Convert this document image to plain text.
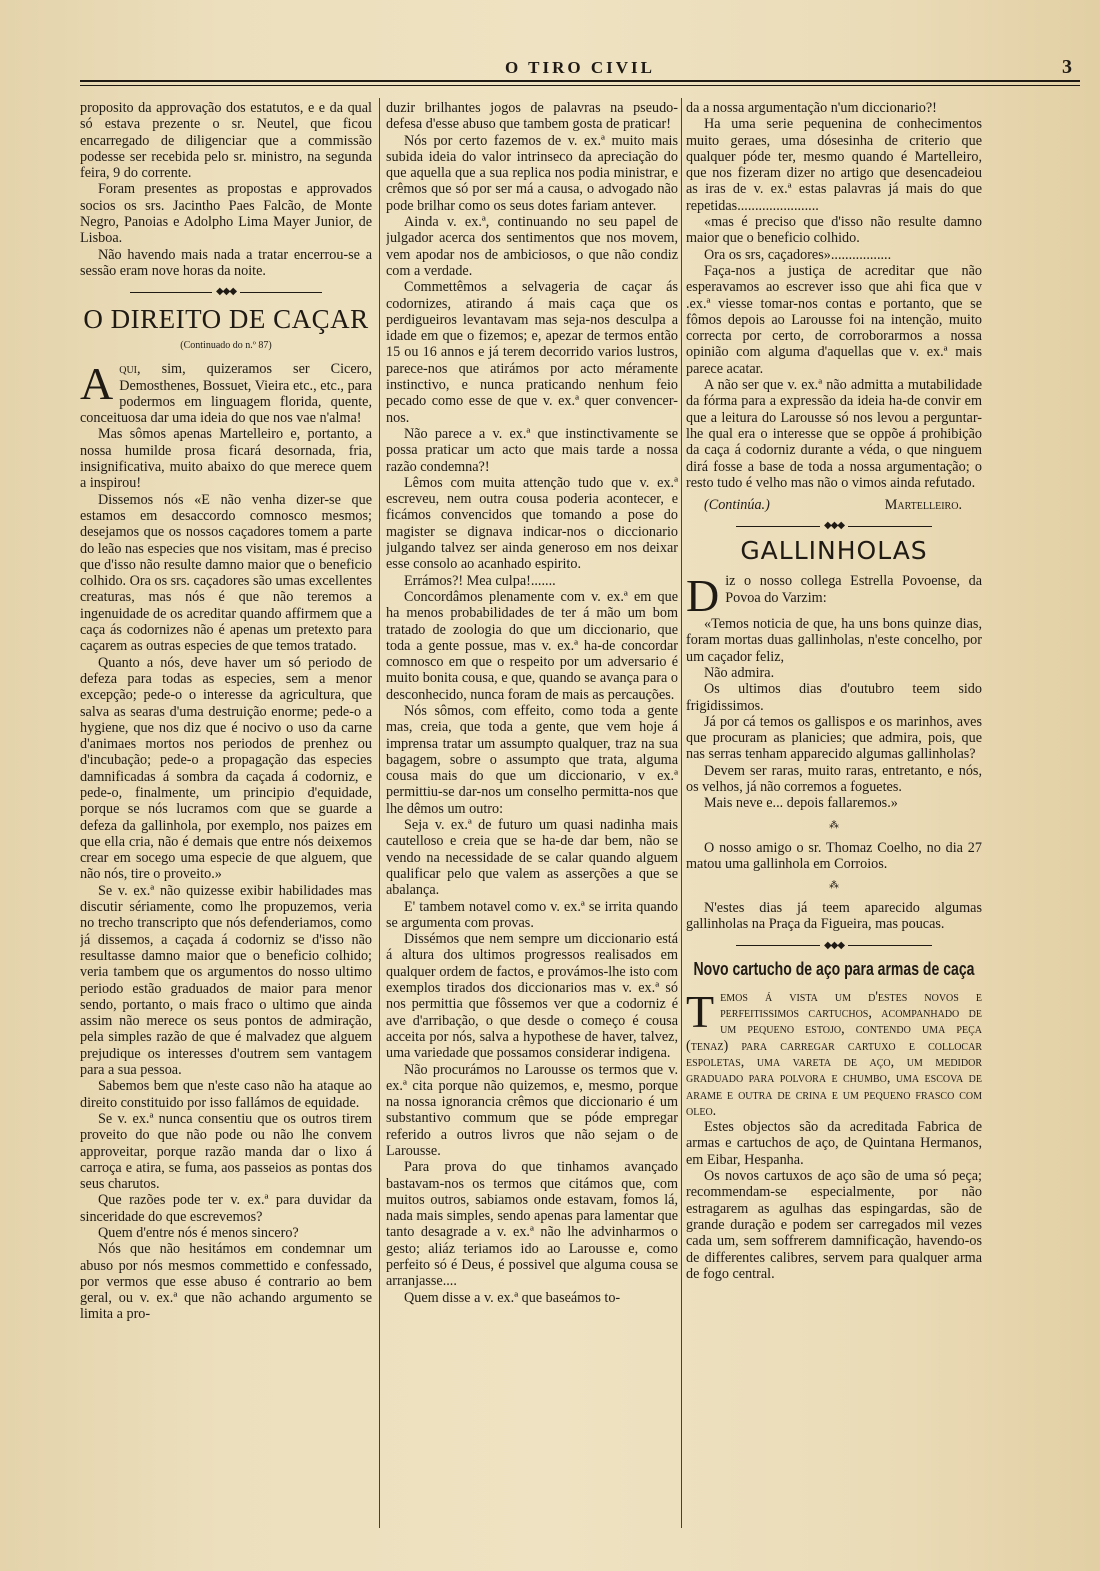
O TIRO CIVIL	3

proposito da approvação dos estatutos, e e da qual só estava prezente o sr. Neutel, que ficou encarregado de diligenciar que a commissão podesse ser recebida pelo sr. ministro, na segunda feira, 9 do corrente.

Foram presentes as propostas e approvados socios os srs. Jacintho Paes Falcão, de Monte Negro, Panoias e Adolpho Lima Mayer Junior, de Lisboa.

Não havendo mais nada a tratar encerrou-se a sessão eram nove horas da noite.

◆◆◆
O DIREITO DE CAÇAR
(Continuado do n.º 87)

Aqui, sim, quizeramos ser Cicero, Demosthenes, Bossuet, Vieira etc., etc., para podermos em linguagem florida, quente, conceituosa dar uma ideia do que nos vae n'alma!

Mas sômos apenas Martelleiro e, portanto, a nossa humilde prosa ficará desornada, fria, insignificativa, muito abaixo do que merece quem a inspirou!

Dissemos nós «E não venha dizer-se que estamos em desaccordo comnosco mesmos; desejamos que os nossos caçadores tomem a parte do leão nas especies que nos visitam, mas é preciso que d'isso não resulte damno maior que o beneficio colhido. Ora os srs. caçadores são umas excellentes creaturas, mas nós é que não teremos a ingenuidade de os acreditar quando affirmem que a caça ás codornizes não é apenas um pretexto para caçarem as outras especies de que temos tratado.

Quanto a nós, deve haver um só periodo de defeza para todas as especies, sem a menor excepção; pede-o o interesse da agricultura, que salva as searas d'uma destruição enorme; pede-o a hygiene, que nos diz que é nocivo o uso da carne d'animaes mortos nos periodos de prenhez ou d'incubação; pede-o a propagação das especies damnificadas á sombra da caçada á codorniz, e pede-o, finalmente, um principio d'equidade, porque se nós lucramos com que se guarde a defeza da gallinhola, por exemplo, nos paizes em que ella cria, não é demais que entre nós deixemos crear em socego uma especie de que alguem, que não nós, tire o proveito.»

Se v. ex.ª não quizesse exibir habilidades mas discutir sériamente, como lhe propuzemos, veria no trecho transcripto que nós defenderiamos, como já dissemos, a caçada á codorniz se d'isso não resultasse damno maior que o beneficio colhido; veria tambem que os argumentos do nosso ultimo periodo estão graduados de maior para menor sendo, portanto, o mais fraco o ultimo que ainda assim não merece os seus pontos de admiração, pela simples razão de que é malvadez que alguem prejudique os interesses d'outrem sem vantagem para a sua pessoa.

Sabemos bem que n'este caso não ha ataque ao direito constituido por isso fallámos de equidade.

Se v. ex.ª nunca consentiu que os outros tirem proveito do que não pode ou não lhe convem approveitar, porque razão manda dar o lixo á carroça e atira, se fuma, aos passeios as pontas dos seus charutos.

Que razões pode ter v. ex.ª para duvidar da sinceridade do que escrevemos?

Quem d'entre nós é menos sincero?

Nós que não hesitámos em condemnar um abuso por nós mesmos commettido e confessado, por vermos que esse abuso é contrario ao bem geral, ou v. ex.ª que não achando argumento se limita a pro-

duzir brilhantes jogos de palavras na pseudo-defesa d'esse abuso que tambem gosta de praticar!

Nós por certo fazemos de v. ex.ª muito mais subida ideia do valor intrinseco da apreciação do que aquella que a sua replica nos podia ministrar, e crêmos que só por ser má a causa, o advogado não pode brilhar como os seus dotes fariam antever.

Ainda v. ex.ª, continuando no seu papel de julgador acerca dos sentimentos que nos movem, vem apodar nos de ambiciosos, o que não condiz com a verdade.

Commettêmos a selvageria de caçar ás codornizes, atirando á mais caça que os perdigueiros levantavam mas seja-nos desculpa a idade em que o fizemos; e, apezar de termos então 15 ou 16 annos e já terem decorrido varios lustros, parece-nos que atirámos por acto méramente instinctivo, e nunca praticando nenhum feio pecado como esse de que v. ex.ª quer convencer-nos.

Não parece a v. ex.ª que instinctivamente se possa praticar um acto que mais tarde a nossa razão condemna?!

Lêmos com muita attenção tudo que v. ex.ª escreveu, nem outra cousa poderia acontecer, e ficámos convencidos que tomando a pose do magister se dignava indicar-nos o diccionario julgando talvez ser ainda generoso em nos deixar esse consolo ao acanhado espirito.

Errámos?! Mea culpa!.......

Concordâmos plenamente com v. ex.ª em que ha menos probabilidades de ter á mão um bom tratado de zoologia do que um diccionario, que toda a gente possue, mas v. ex.ª ha-de concordar comnosco em que o respeito por um adversario é muito bonita cousa, e que, quando se avança para o desconhecido, nunca foram de mais as percauções.

Nós sômos, com effeito, como toda a gente mas, creia, que toda a gente, que vem hoje á imprensa tratar um assumpto qualquer, traz na sua bagagem, sobre o assumpto que trata, alguma cousa mais do que um diccionario, v ex.ª permittiu-se dar-nos um conselho permitta-nos que lhe dêmos um outro:

Seja v. ex.ª de futuro um quasi nadinha mais cautelloso e creia que se ha-de dar bem, não se vendo na necessidade de se calar quando alguem qualificar pelo que valem as asserções a que se abalança.

E' tambem notavel como v. ex.ª se irrita quando se argumenta com provas.

Dissémos que nem sempre um diccionario está á altura dos ultimos progressos realisados em qualquer ordem de factos, e provámos-lhe isto com exemplos tirados dos diccionarios mas v. ex.ª só nos permittia que fôssemos ver que a codorniz é ave d'arribação, o que desde o começo é cousa acceita por nós, salva a hypothese de haver, talvez, uma variedade que possamos considerar indigena.

Não procurámos no Larousse os termos que v. ex.ª cita porque não quizemos, e, mesmo, porque na nossa ignorancia crêmos que diccionario é um substantivo commum que se póde empregar referido a outros livros que não sejam o de Larousse.

Para prova do que tinhamos avançado bastavam-nos os termos que citámos que, com muitos outros, sabiamos onde estavam, fomos lá, nada mais simples, sendo apenas para lamentar que tanto desagrade a v. ex.ª não lhe advinharmos o gesto; aliáz teriamos ido ao Larousse e, como perfeito só é Deus, é possivel que alguma cousa se arranjasse....

Quem disse a v. ex.ª que baseámos to-

da a nossa argumentação n'um diccionario?!

Ha uma serie pequenina de conhecimentos muito geraes, uma dósesinha de criterio que qualquer póde ter, mesmo quando é Martelleiro, que nos fizeram dizer no artigo que desencadeiou as iras de v. ex.ª estas palavras já mais do que repetidas.......................

«mas é preciso que d'isso não resulte damno maior que o beneficio colhido.

Ora os srs, caçadores».................

Faça-nos a justiça de acreditar que não esperavamos ao escrever isso que ahi fica que v .ex.ª viesse tomar-nos contas e portanto, que se fômos depois ao Larousse foi na intenção, muito correcta por certo, de corroborarmos a nossa opinião com alguma d'aquellas que v. ex.ª mais parece acatar.

A não ser que v. ex.ª não admitta a mutabilidade da fórma para a expressão da ideia ha-de convir em que a leitura do Larousse só nos levou a perguntar-lhe qual era o interesse que se oppõe á prohibição da caça á codorniz durante a véda, o que ninguem dirá fosse a base de toda a nossa argumentação; o resto tudo é velho mas não o vimos ainda refutado.

(Continúa.)	Martelleiro.
◆◆◆
GALLINHOLAS

Diz o nosso collega Estrella Povoense, da Povoa do Varzim:

«Temos noticia de que, ha uns bons quinze dias, foram mortas duas gallinholas, n'este concelho, por um caçador feliz,

Não admira.

Os ultimos dias d'outubro teem sido frigidissimos.

Já por cá temos os gallispos e os marinhos, aves que procuram as planicies; que admira, pois, que nas serras tenham apparecido algumas gallinholas?

Devem ser raras, muito raras, entretanto, e nós, os velhos, já não corremos a foguetes.

Mais neve e... depois fallaremos.»

⁂

O nosso amigo o sr. Thomaz Coelho, no dia 27 matou uma gallinhola em Corroios.

⁂

N'estes dias já teem aparecido algumas gallinholas na Praça da Figueira, mas poucas.

◆◆◆
Novo cartucho de aço para armas de caça

Temos á vista um d'estes novos e perfeitissimos cartuchos, acompanhado de um pequeno estojo, contendo uma peça (tenaz) para carregar cartuxo e collocar espoletas, uma vareta de aço, um medidor graduado para polvora e chumbo, uma escova de arame e outra de crina e um pequeno frasco com oleo.

Estes objectos são da acreditada Fabrica de armas e cartuchos de aço, de Quintana Hermanos, em Eibar, Hespanha.

Os novos cartuxos de aço são de uma só peça; recommendam-se especialmente, por não estragarem as agulhas das espingardas, são de grande duração e podem ser carregados mil vezes cada um, sem soffrerem damnificação, havendo-os de differentes calibres, servem para qualquer arma de fogo central.
